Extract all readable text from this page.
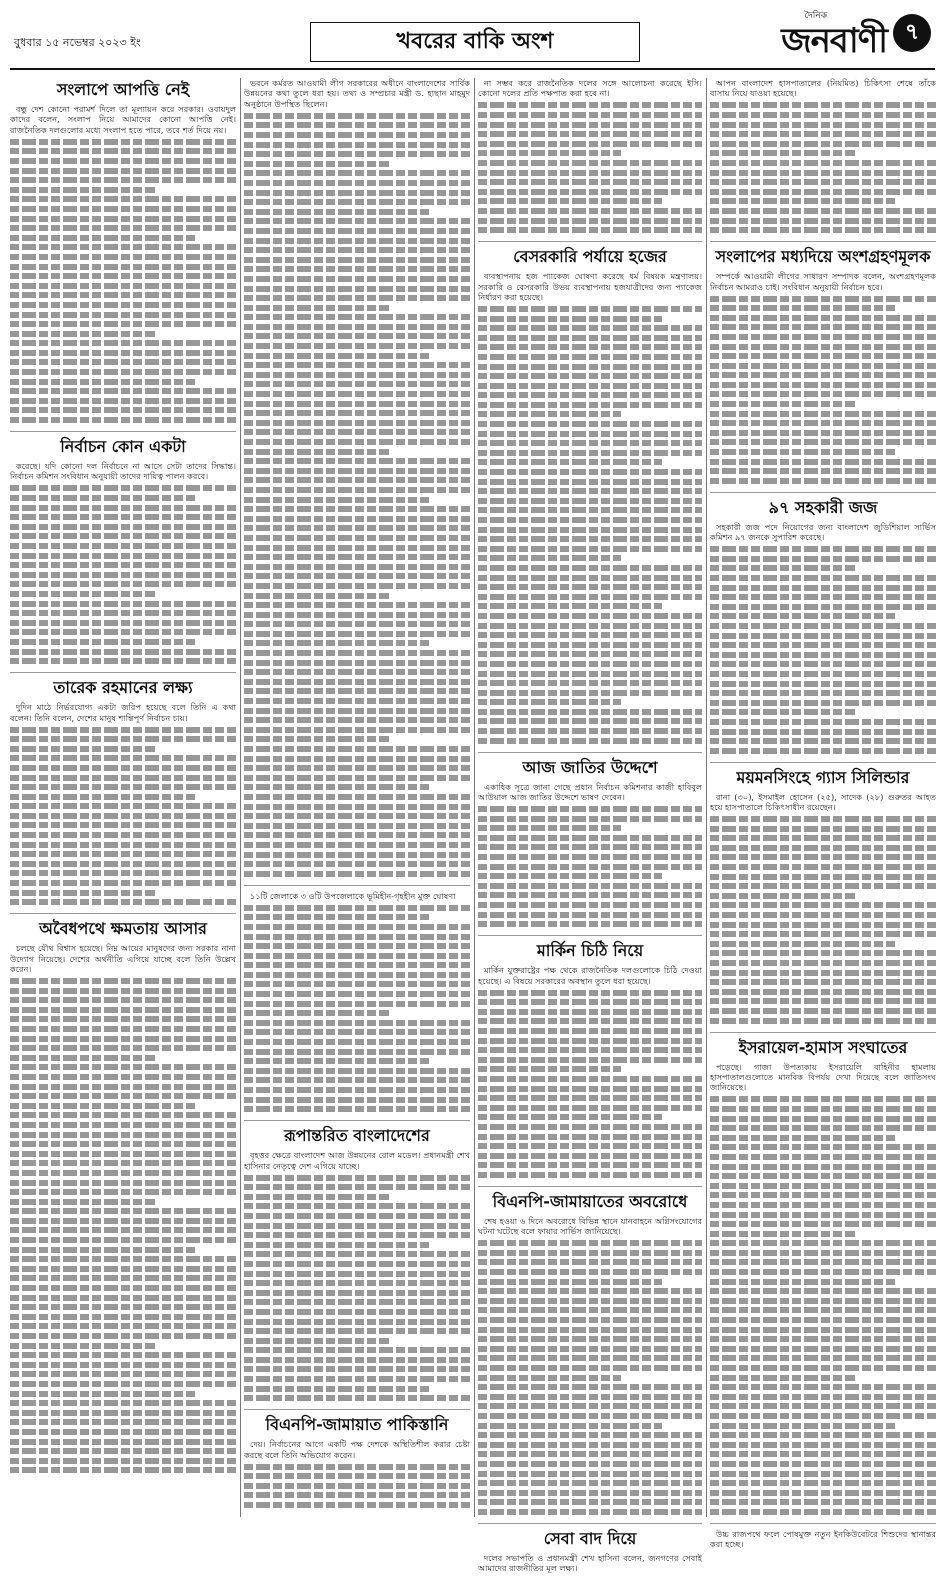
বুধবার ১৫ নভেম্বর ২০২৩ ইং	খবরের বাকি অংশ
দৈনিক
জনবাণী ৭
সংলাপে আপত্তি নেই

বন্ধু দেশ কোনো পরামর্শ দিলে তা মূল্যায়ন করে সরকার। ওবায়দুল কাদের বলেন, সংলাপ নিয়ে আমাদের কোনো আপত্তি নেই। রাজনৈতিক দলগুলোর মধ্যে সংলাপ হতে পারে, তবে শর্ত দিয়ে নয়।

নির্বাচন কোন একটা

করেছে। যদি কোনো দল নির্বাচনে না আসে সেটা তাদের সিদ্ধান্ত। নির্বাচন কমিশন সংবিধান অনুযায়ী তাদের দায়িত্ব পালন করবে।

তারেক রহমানের লক্ষ্য

দুদিন মাঠে নির্ভরযোগ্য একটা জরিপ হয়েছে বলে তিনি এ কথা বলেন। তিনি বলেন, দেশের মানুষ শান্তিপূর্ণ নির্বাচন চায়।

অবৈধপথে ক্ষমতায় আসার

চলছে যৌথ বিশ্বাস হয়েছে। নিম্ন আয়ের মানুষদের জন্য সরকার নানা উদ্যোগ নিয়েছে। দেশের অর্থনীতি এগিয়ে যাচ্ছে বলে তিনি উল্লেখ করেন।

ভবনে কর্মরত আওয়ামী লীগ সরকারের অধীনে বাংলাদেশের সার্বিক উন্নয়নের কথা তুলে ধরা হয়। তথ্য ও সম্প্রচার মন্ত্রী ড. হাছান মাহমুদ অনুষ্ঠানে উপস্থিত ছিলেন।

১১টি জেলাকে ৩ ওটি উপজেলাকে ভূমিহীন-গৃহহীন মুক্ত ঘোষণা

রূপান্তরিত বাংলাদেশের

বৃহত্তর ক্ষেত্রে বাংলাদেশ আজ উন্নয়নের রোল মডেল। প্রধানমন্ত্রী শেখ হাসিনার নেতৃত্বে দেশ এগিয়ে যাচ্ছে।

বিএনপি-জামায়াত পাকিস্তানি

দেয়। নির্বাচনের আগে একটি পক্ষ দেশকে অস্থিতিশীল করার চেষ্টা করছে বলে তিনি অভিযোগ করেন।

না সম্ভব করে রাজনৈতিক দলের সঙ্গে আলোচনা করেছে ইসি। কোনো দলের প্রতি পক্ষপাত করা হবে না।

বেসরকারি পর্যায়ে হজের

ব্যবস্থাপনায় হজ প্যাকেজ ঘোষণা করেছে ধর্ম বিষয়ক মন্ত্রণালয়। সরকারি ও বেসরকারি উভয় ব্যবস্থাপনায় হজযাত্রীদের জন্য প্যাকেজ নির্ধারণ করা হয়েছে।

আজ জাতির উদ্দেশে

একাধিক সূত্রে জানা গেছে প্রধান নির্বাচন কমিশনার কাজী হাবিবুল আউয়াল আজ জাতির উদ্দেশে ভাষণ দেবেন।

মার্কিন চিঠি নিয়ে

মার্কিন যুক্তরাষ্ট্রের পক্ষ থেকে রাজনৈতিক দলগুলোকে চিঠি দেওয়া হয়েছে। এ বিষয়ে সরকারের অবস্থান তুলে ধরা হয়েছে।

বিএনপি-জামায়াতের অবরোধে

শেষ হওয়া ৬ দিনে অবরোধে বিভিন্ন স্থানে যানবাহনে অগ্নিসংযোগের ঘটনা ঘটেছে বলে ফায়ার সার্ভিস জানিয়েছে।

সেবা বাদ দিয়ে

দলের সভাপতি ও প্রধানমন্ত্রী শেখ হাসিনা বলেন, জনগণের সেবাই আমাদের রাজনীতির মূল লক্ষ্য।

আপন বাংলাদেশ হাসপাতালের (নিয়মিত) চিকিৎসা শেষে তাঁকে বাসায় নিয়ে যাওয়া হয়েছে।

সংলাপের মধ্যদিয়ে অংশগ্রহণমূলক

সম্পর্কে আওয়ামী লীগের সাধারণ সম্পাদক বলেন, অংশগ্রহণমূলক নির্বাচন আমরাও চাই। সংবিধান অনুযায়ী নির্বাচন হবে।

৯৭ সহকারী জজ

সহকারী জজ পদে নিয়োগের জন্য বাংলাদেশ জুডিশিয়াল সার্ভিস কমিশন ৯৭ জনকে সুপারিশ করেছে।

ময়মনসিংহে গ্যাস সিলিন্ডার

রানা (৩০), ইসমাইল হোসেন (২৫), সাদেক (২৮) গুরুতর আহত হয়ে হাসপাতালে চিকিৎসাধীন রয়েছেন।

ইসরায়েল-হামাস সংঘাতের

পড়েছে। গাজা উপত্যকায় ইসরায়েলি বাহিনীর হামলায় হাসপাতালগুলোতে মানবিক বিপর্যয় দেখা দিয়েছে বলে জাতিসংঘ জানিয়েছে।

উচ্চ রাজপথে ফলে পোষমুক্ত নতুন ইনকিউবেটরে শিশুদের স্থানান্তর করা হচ্ছে।
